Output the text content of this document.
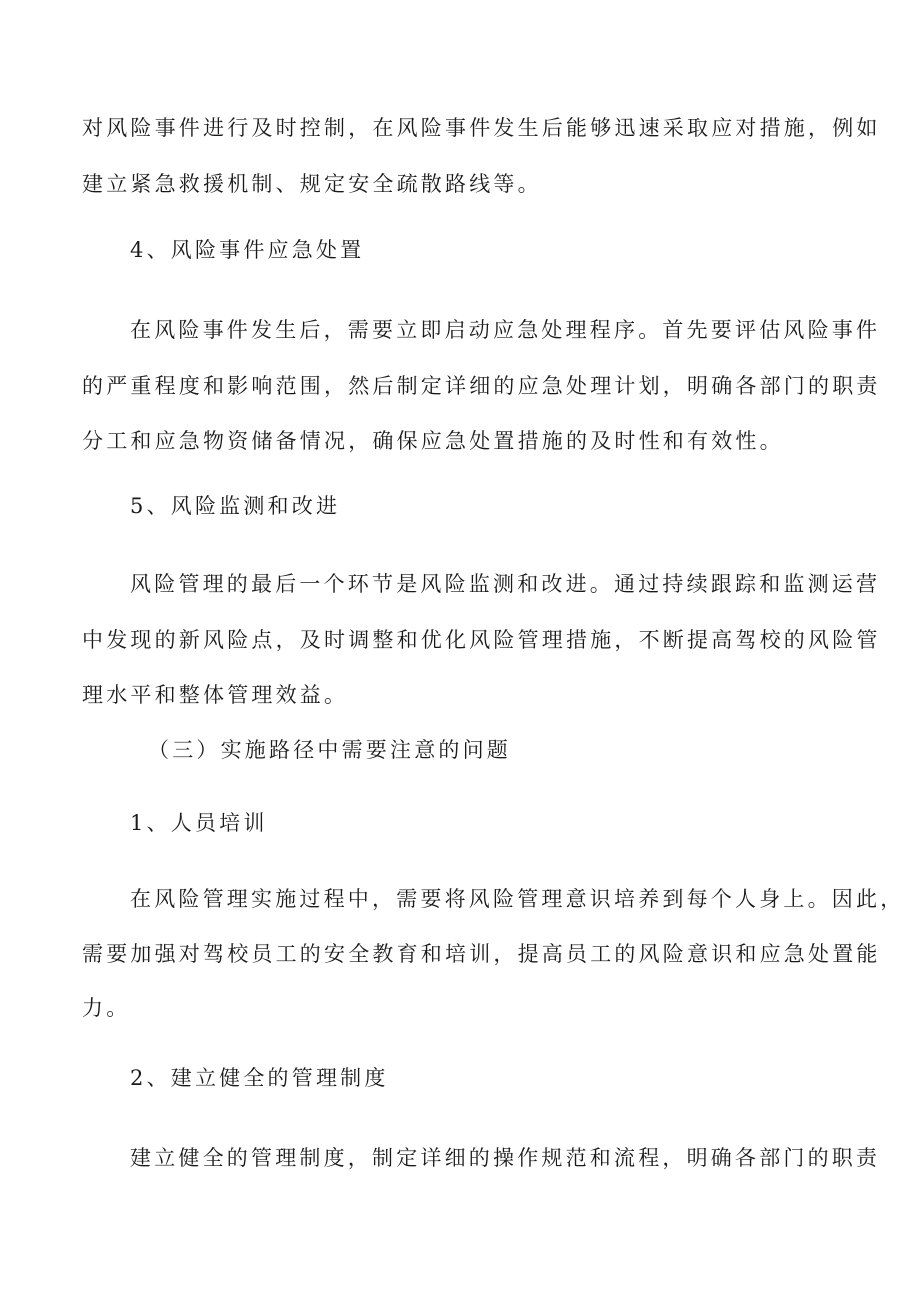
对风险事件进行及时控制，在风险事件发生后能够迅速采取应对措施，例如
建立紧急救援机制、规定安全疏散路线等。
4、风险事件应急处置
在风险事件发生后，需要立即启动应急处理程序。首先要评估风险事件
的严重程度和影响范围，然后制定详细的应急处理计划，明确各部门的职责
分工和应急物资储备情况，确保应急处置措施的及时性和有效性。
5、风险监测和改进
风险管理的最后一个环节是风险监测和改进。通过持续跟踪和监测运营
中发现的新风险点，及时调整和优化风险管理措施，不断提高驾校的风险管
理水平和整体管理效益。
（三）实施路径中需要注意的问题
1、人员培训
在风险管理实施过程中，需要将风险管理意识培养到每个人身上。因此，
需要加强对驾校员工的安全教育和培训，提高员工的风险意识和应急处置能
力。
2、建立健全的管理制度
建立健全的管理制度，制定详细的操作规范和流程，明确各部门的职责
